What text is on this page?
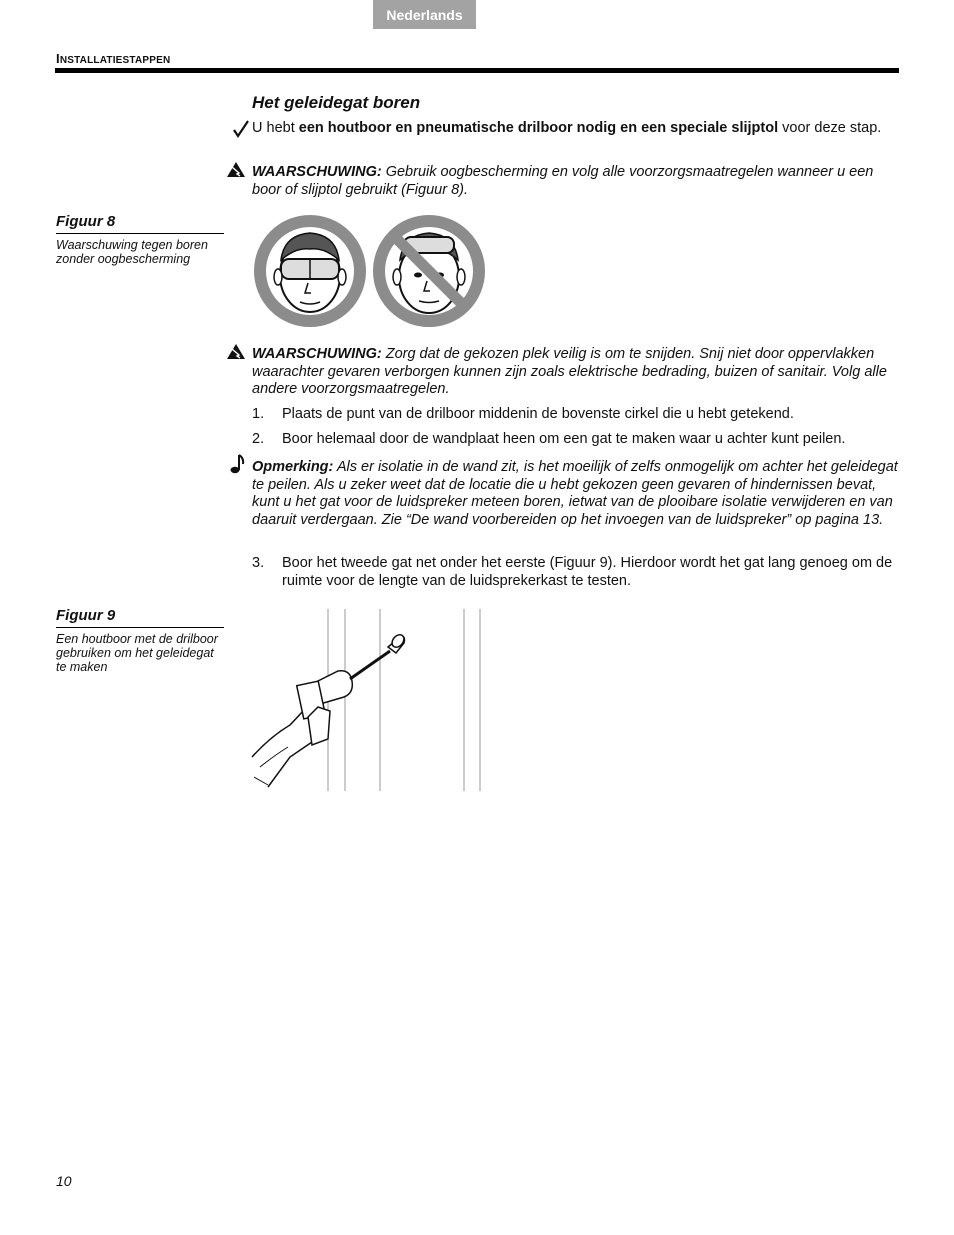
Nederlands
INSTALLATIESTAPPEN
Het geleidegat boren
U hebt een houtboor en pneumatische drilboor nodig en een speciale slijptol voor deze stap.
WAARSCHUWING: Gebruik oogbescherming en volg alle voorzorgsmaatregelen wanneer u een boor of slijptol gebruikt (Figuur 8).
Figuur 8
Waarschuwing tegen boren zonder oogbescherming
WAARSCHUWING: Zorg dat de gekozen plek veilig is om te snijden. Snij niet door oppervlakken waarachter gevaren verborgen kunnen zijn zoals elektrische bedrading, buizen of sanitair. Volg alle andere voorzorgsmaatregelen.
1. Plaats de punt van de drilboor middenin de bovenste cirkel die u hebt getekend.
2. Boor helemaal door de wandplaat heen om een gat te maken waar u achter kunt peilen.
Opmerking: Als er isolatie in de wand zit, is het moeilijk of zelfs onmogelijk om achter het geleidegat te peilen. Als u zeker weet dat de locatie die u hebt gekozen geen gevaren of hindernissen bevat, kunt u het gat voor de luidspreker meteen boren, ietwat van de plooibare isolatie verwijderen en van daaruit verdergaan. Zie “De wand voorbereiden op het invoegen van de luidspreker” op pagina 13.
3. Boor het tweede gat net onder het eerste (Figuur 9). Hierdoor wordt het gat lang genoeg om de ruimte voor de lengte van de luidsprekerkast te testen.
Figuur 9
Een houtboor met de drilboor gebruiken om het geleidegat te maken
10
